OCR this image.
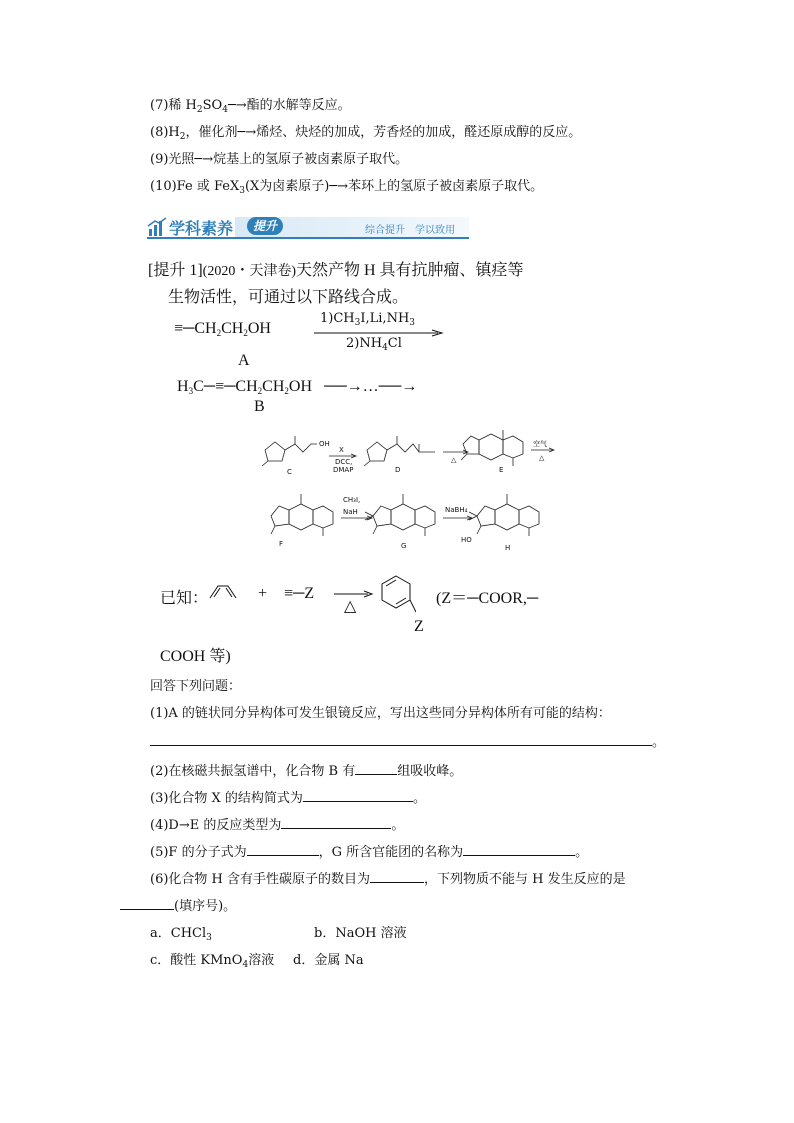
(7)稀 $H_2SO_4─\to$酯的水解等反应。
$(8)H_2$，催化剂─→烯烃、炔烃的加成，芳香烃的加成，醛还原成醇的反应。
(9)光照─→烷基上的氢原子被卤素原子取代。
(10)Fe 或 FeX$_3$(X为卤素原子)─→苯环上的氢原子被卤素原子取代。
学科素养	提升	综合提升　学以致用
[提升 1](2020・天津卷)天然产物 H 具有抗肿瘤、镇痉等
生物活性，可通过以下路线合成。
$\equiv─CH_2CH_2OH$
$1)CH_3I,Li,NH_3$
$2)NH_4Cl$
A
$H_3C─\equiv─CH_2CH_2OH$ ──→…──→
B
C
OH
X
DCC,
DMAP	D
△
E
空气
△
F
CH₃I,
NaH
G
NaBH₄
HO
H
已知：	+ ≡─Z
△
Z
(Z＝─COOR,─
COOH 等)
回答下列问题：
(1)A 的链状同分异构体可发生银镜反应，写出这些同分异构体所有可能的结构：
。
(2)在核磁共振氢谱中，化合物 B 有	组吸收峰。
(3)化合物 X 的结构简式为	。
(4)D→E 的反应类型为	。
(5)F 的分子式为	，G 所含官能团的名称为	。
(6)化合物 H 含有手性碳原子的数目为	，下列物质不能与 H 发生反应的是
(填序号)。
a．CHCl$_3$	b．NaOH 溶液
c．酸性 KMnO$_4$溶液 d．金属 Na
